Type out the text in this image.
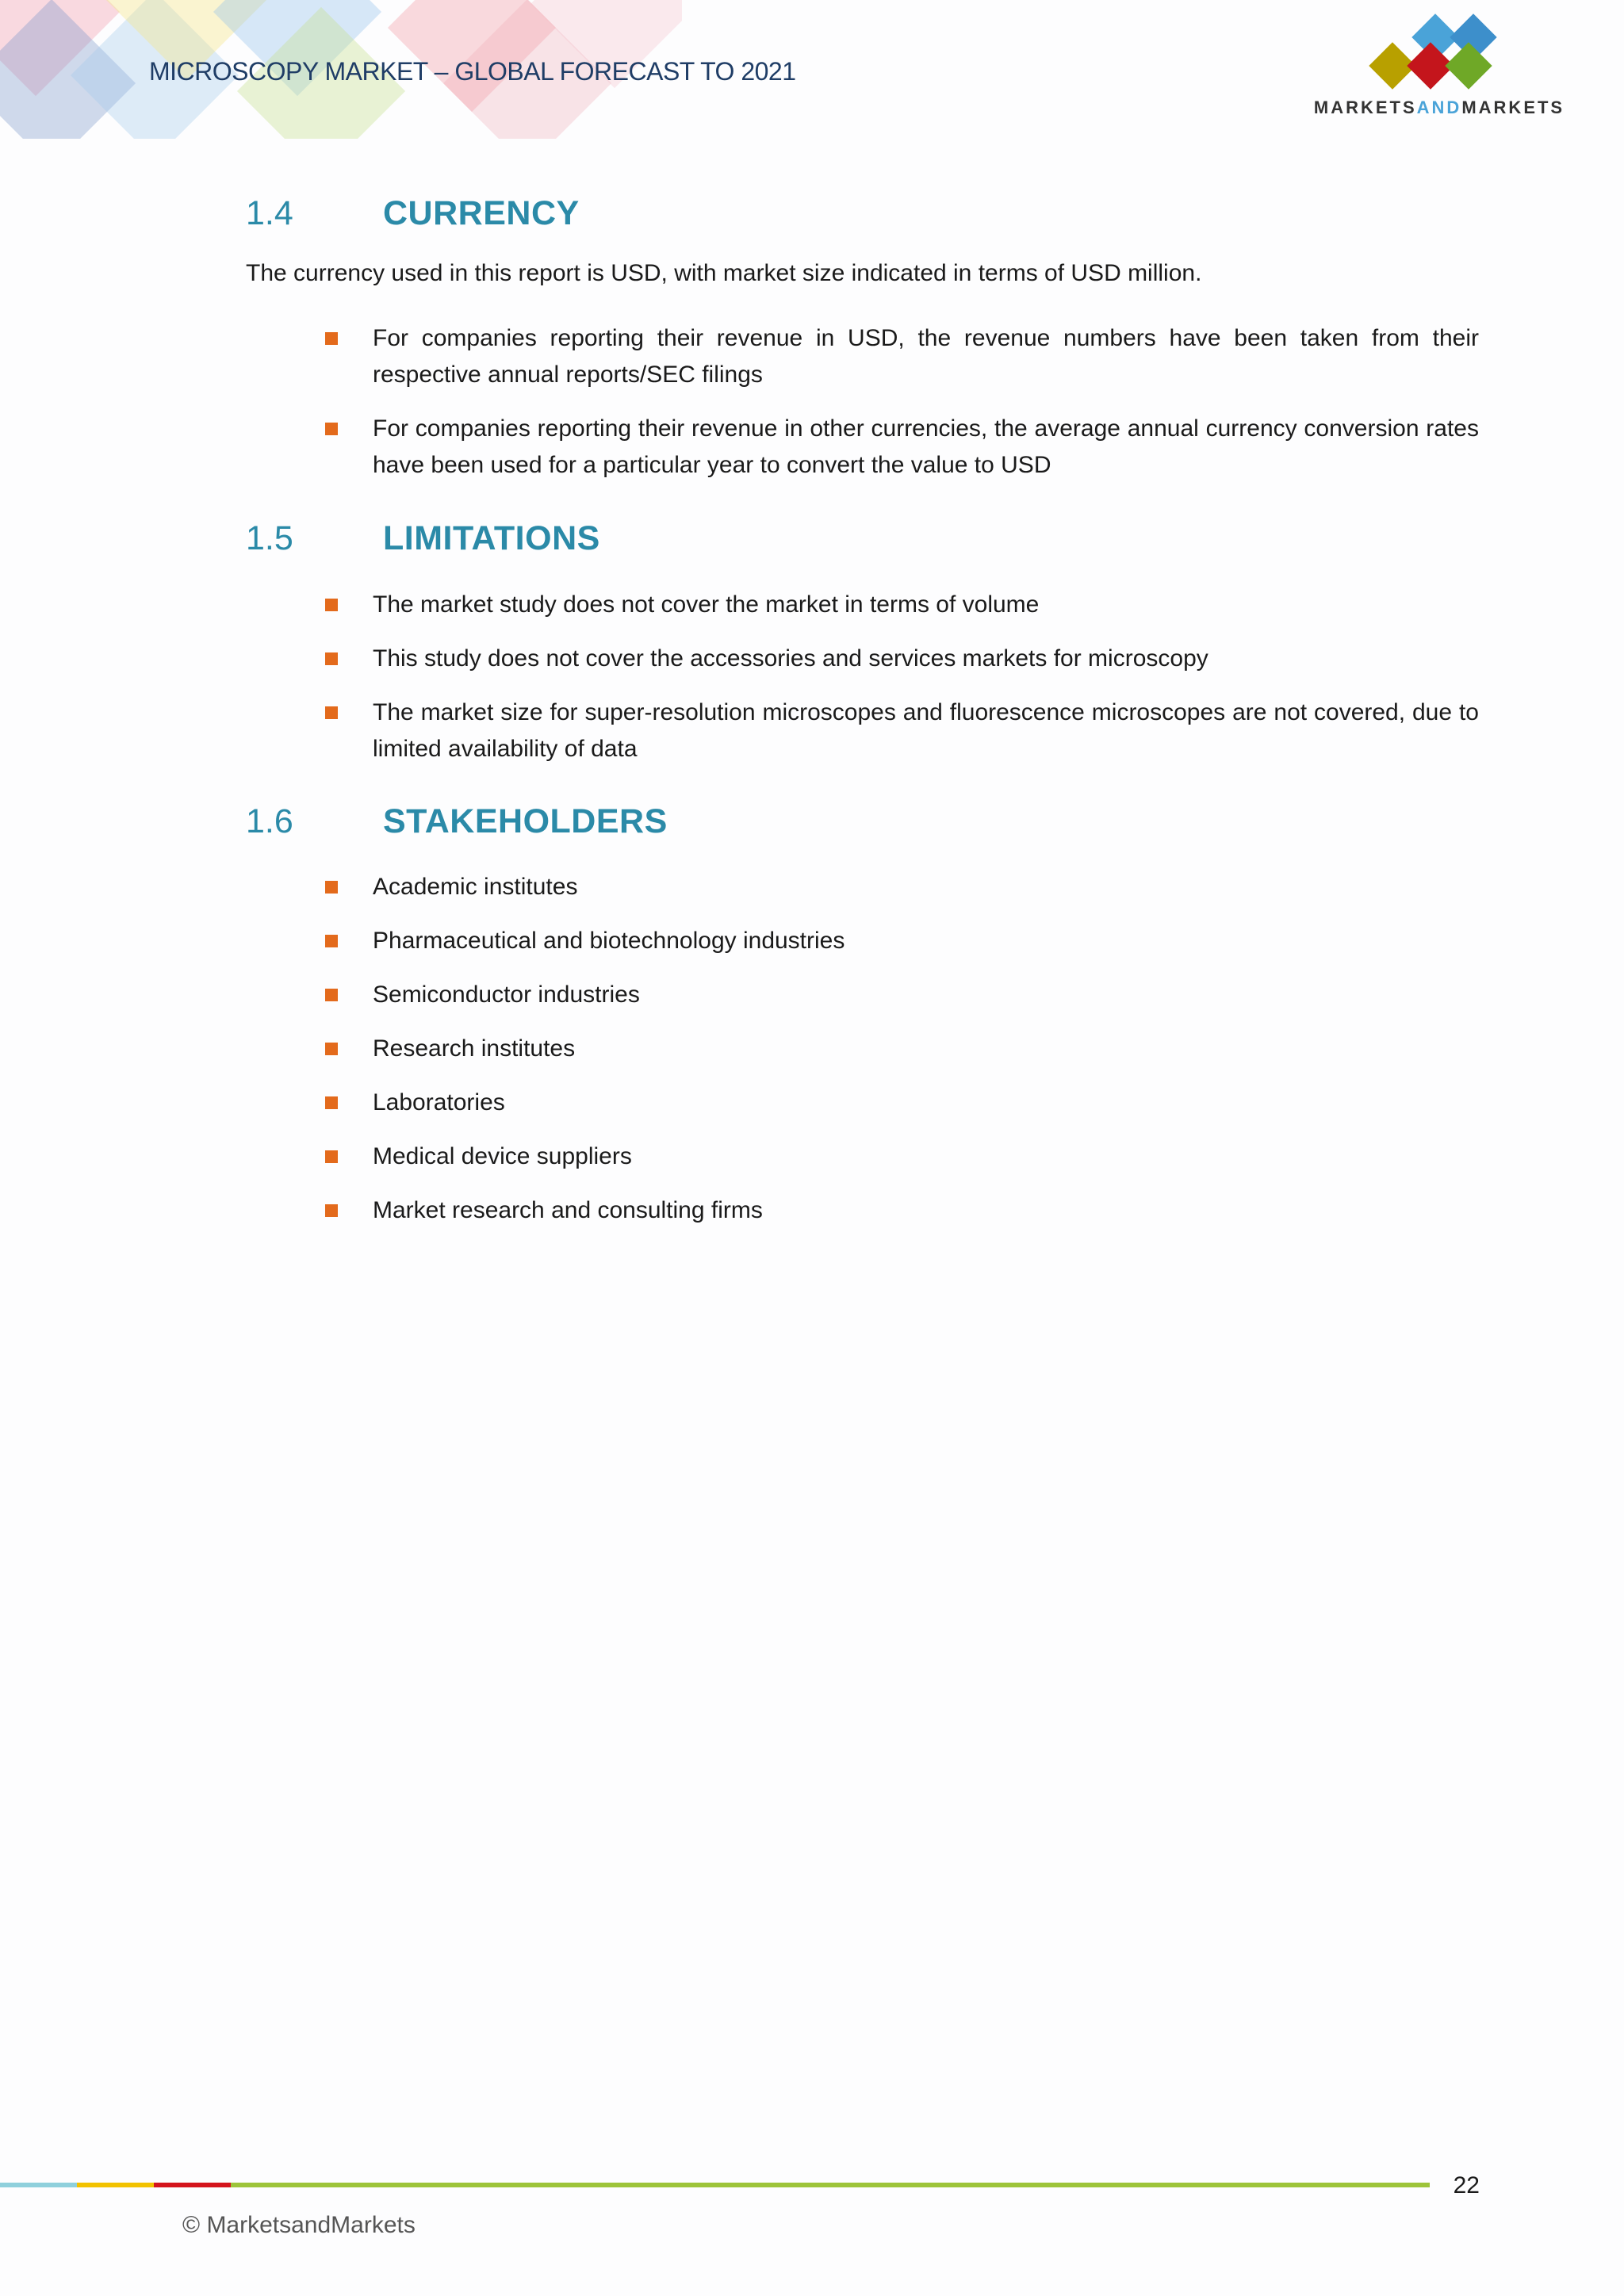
MICROSCOPY MARKET – GLOBAL FORECAST TO 2021
MARKETSANDMARKETS
1.4	CURRENCY
The currency used in this report is USD, with market size indicated in terms of USD million.
For companies reporting their revenue in USD, the revenue numbers have been taken from their respective annual reports/SEC filings
For companies reporting their revenue in other currencies, the average annual currency conversion rates have been used for a particular year to convert the value to USD
1.5	LIMITATIONS
The market study does not cover the market in terms of volume
This study does not cover the accessories and services markets for microscopy
The market size for super-resolution microscopes and fluorescence microscopes are not covered, due to limited availability of data
1.6	STAKEHOLDERS
Academic institutes
Pharmaceutical and biotechnology industries
Semiconductor industries
Research institutes
Laboratories
Medical device suppliers
Market research and consulting firms
22
© MarketsandMarkets
